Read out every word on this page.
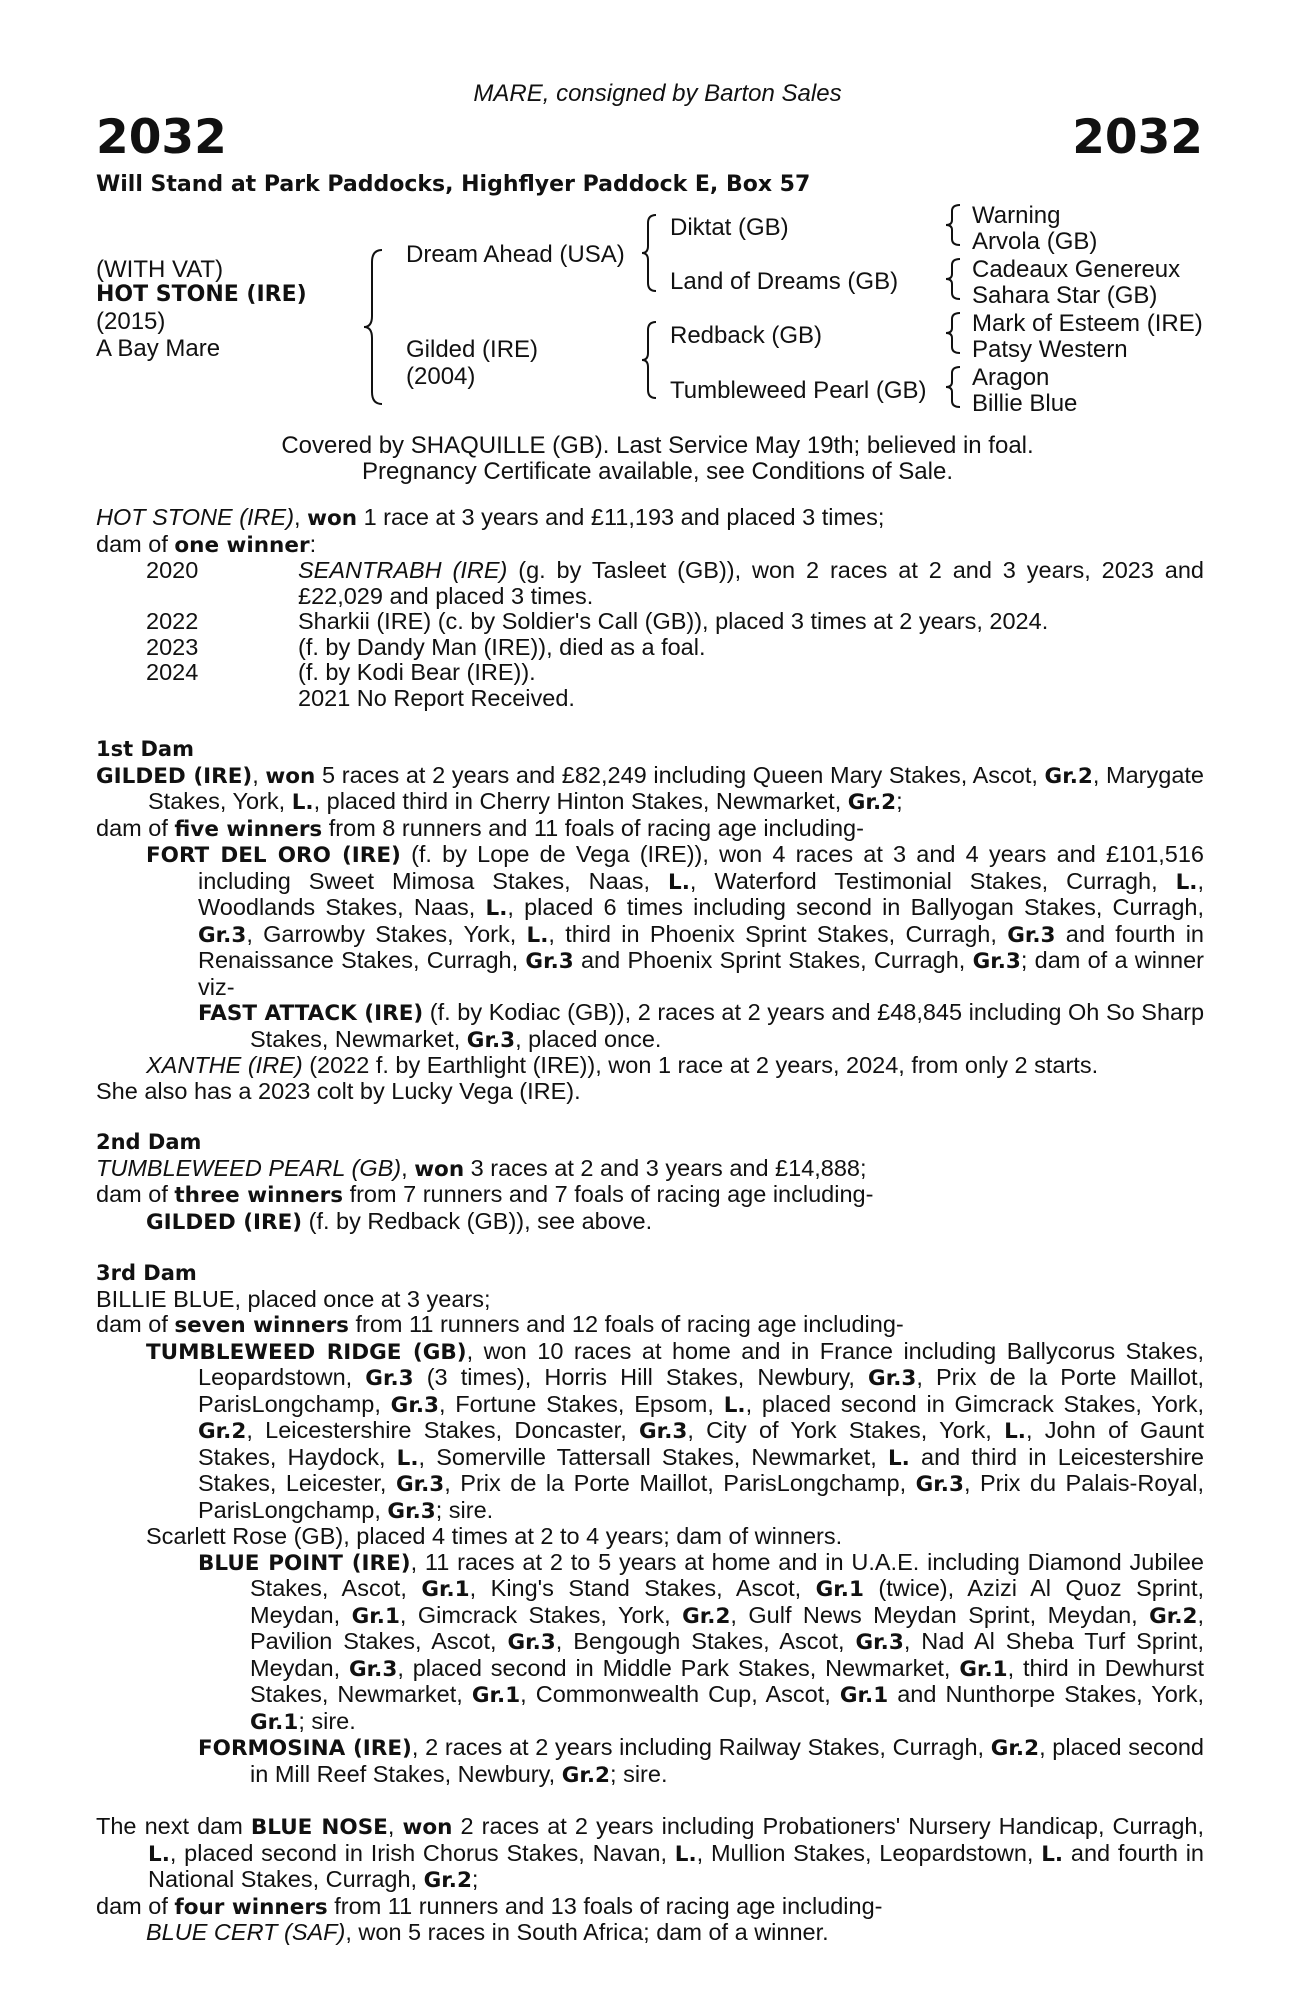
MARE, consigned by Barton Sales
2032	2032
Will Stand at Park Paddocks, Highflyer Paddock E, Box 57
(WITH VAT)
HOT STONE (IRE)
(2015)
A Bay Mare
Dream Ahead (USA)
Gilded (IRE)
(2004)
Diktat (GB)
Land of Dreams (GB)
Redback (GB)
Tumbleweed Pearl (GB)
Warning
Arvola (GB)
Cadeaux Genereux
Sahara Star (GB)
Mark of Esteem (IRE)
Patsy Western
Aragon
Billie Blue
Covered by SHAQUILLE (GB). Last Service May 19th; believed in foal.
Pregnancy Certificate available, see Conditions of Sale.

HOT STONE (IRE), won 1 race at 3 years and £11,193 and placed 3 times;

dam of one winner:

2020	SEANTRABH (IRE) (g. by Tasleet (GB)), won 2 races at 2 and 3 years, 2023 and £22,029 and placed 3 times.
2022	Sharkii (IRE) (c. by Soldier's Call (GB)), placed 3 times at 2 years, 2024.
2023	(f. by Dandy Man (IRE)), died as a foal.
2024	(f. by Kodi Bear (IRE)).
2021 No Report Received.

1st Dam

GILDED (IRE), won 5 races at 2 years and £82,249 including Queen Mary Stakes, Ascot, Gr.2, Marygate Stakes, York, L., placed third in Cherry Hinton Stakes, Newmarket, Gr.2;

dam of five winners from 8 runners and 11 foals of racing age including-

FORT DEL ORO (IRE) (f. by Lope de Vega (IRE)), won 4 races at 3 and 4 years and £101,516 including Sweet Mimosa Stakes, Naas, L., Waterford Testimonial Stakes, Curragh, L., Woodlands Stakes, Naas, L., placed 6 times including second in Ballyogan Stakes, Curragh, Gr.3, Garrowby Stakes, York, L., third in Phoenix Sprint Stakes, Curragh, Gr.3 and fourth in Renaissance Stakes, Curragh, Gr.3 and Phoenix Sprint Stakes, Curragh, Gr.3; dam of a winner viz-

FAST ATTACK (IRE) (f. by Kodiac (GB)), 2 races at 2 years and £48,845 including Oh So Sharp Stakes, Newmarket, Gr.3, placed once.

XANTHE (IRE) (2022 f. by Earthlight (IRE)), won 1 race at 2 years, 2024, from only 2 starts.

She also has a 2023 colt by Lucky Vega (IRE).

2nd Dam

TUMBLEWEED PEARL (GB), won 3 races at 2 and 3 years and £14,888;

dam of three winners from 7 runners and 7 foals of racing age including-

GILDED (IRE) (f. by Redback (GB)), see above.

3rd Dam

BILLIE BLUE, placed once at 3 years;

dam of seven winners from 11 runners and 12 foals of racing age including-

TUMBLEWEED RIDGE (GB), won 10 races at home and in France including Ballycorus Stakes, Leopardstown, Gr.3 (3 times), Horris Hill Stakes, Newbury, Gr.3, Prix de la Porte Maillot, ParisLongchamp, Gr.3, Fortune Stakes, Epsom, L., placed second in Gimcrack Stakes, York, Gr.2, Leicestershire Stakes, Doncaster, Gr.3, City of York Stakes, York, L., John of Gaunt Stakes, Haydock, L., Somerville Tattersall Stakes, Newmarket, L. and third in Leicestershire Stakes, Leicester, Gr.3, Prix de la Porte Maillot, ParisLongchamp, Gr.3, Prix du Palais-Royal, ParisLongchamp, Gr.3; sire.

Scarlett Rose (GB), placed 4 times at 2 to 4 years; dam of winners.

BLUE POINT (IRE), 11 races at 2 to 5 years at home and in U.A.E. including Diamond Jubilee Stakes, Ascot, Gr.1, King's Stand Stakes, Ascot, Gr.1 (twice), Azizi Al Quoz Sprint, Meydan, Gr.1, Gimcrack Stakes, York, Gr.2, Gulf News Meydan Sprint, Meydan, Gr.2, Pavilion Stakes, Ascot, Gr.3, Bengough Stakes, Ascot, Gr.3, Nad Al Sheba Turf Sprint, Meydan, Gr.3, placed second in Middle Park Stakes, Newmarket, Gr.1, third in Dewhurst Stakes, Newmarket, Gr.1, Commonwealth Cup, Ascot, Gr.1 and Nunthorpe Stakes, York, Gr.1; sire.

FORMOSINA (IRE), 2 races at 2 years including Railway Stakes, Curragh, Gr.2, placed second in Mill Reef Stakes, Newbury, Gr.2; sire.

The next dam BLUE NOSE, won 2 races at 2 years including Probationers' Nursery Handicap, Curragh, L., placed second in Irish Chorus Stakes, Navan, L., Mullion Stakes, Leopardstown, L. and fourth in National Stakes, Curragh, Gr.2;

dam of four winners from 11 runners and 13 foals of racing age including-

BLUE CERT (SAF), won 5 races in South Africa; dam of a winner.
